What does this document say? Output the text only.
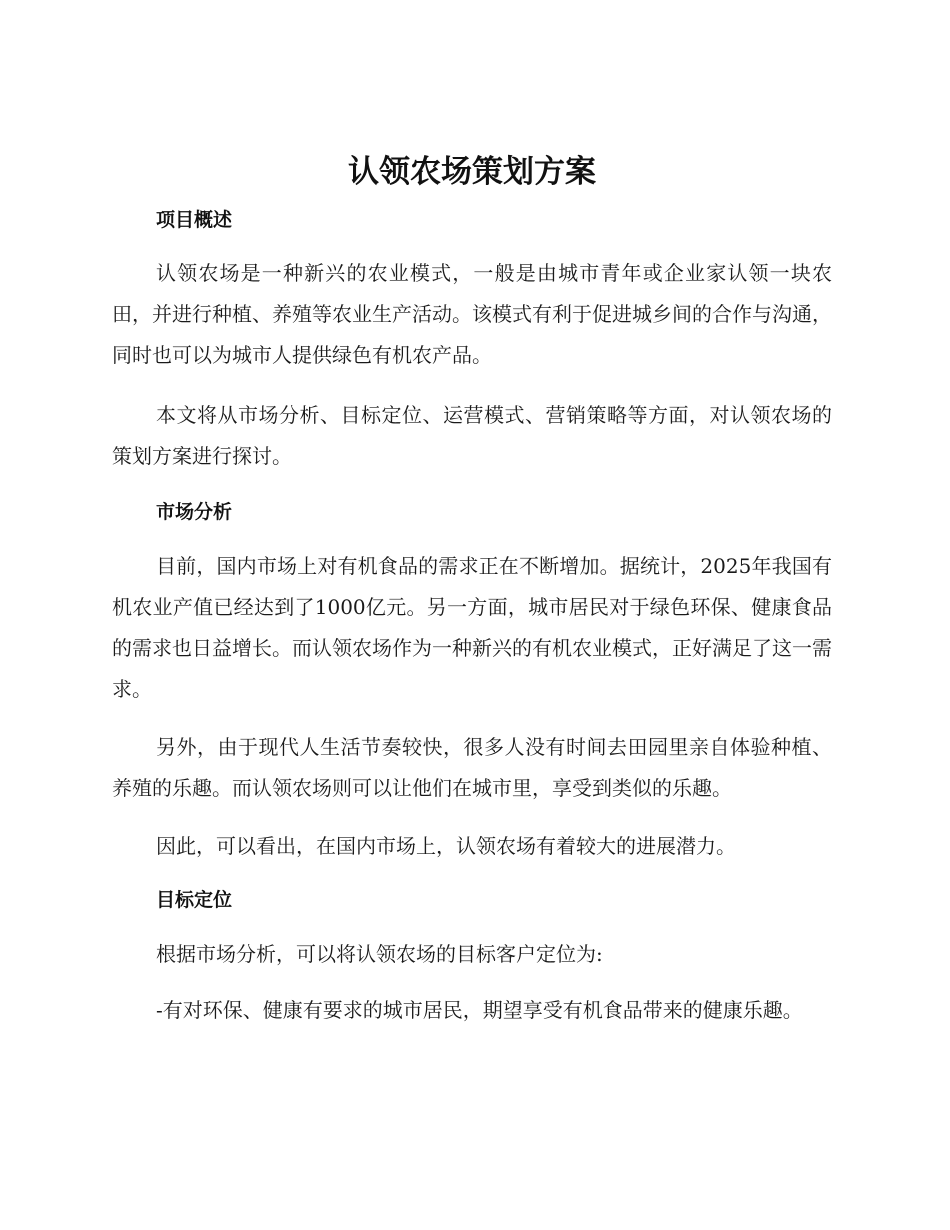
认领农场策划方案
项目概述

认领农场是一种新兴的农业模式，一般是由城市青年或企业家认领一块农田，并进行种植、养殖等农业生产活动。该模式有利于促进城乡间的合作与沟通，同时也可以为城市人提供绿色有机农产品。

本文将从市场分析、目标定位、运营模式、营销策略等方面，对认领农场的策划方案进行探讨。

市场分析

目前，国内市场上对有机食品的需求正在不断增加。据统计，2025年我国有机农业产值已经达到了1000亿元。另一方面，城市居民对于绿色环保、健康食品的需求也日益增长。而认领农场作为一种新兴的有机农业模式，正好满足了这一需求。

另外，由于现代人生活节奏较快，很多人没有时间去田园里亲自体验种植、养殖的乐趣。而认领农场则可以让他们在城市里，享受到类似的乐趣。

因此，可以看出，在国内市场上，认领农场有着较大的进展潜力。

目标定位

根据市场分析，可以将认领农场的目标客户定位为:

-有对环保、健康有要求的城市居民，期望享受有机食品带来的健康乐趣。
